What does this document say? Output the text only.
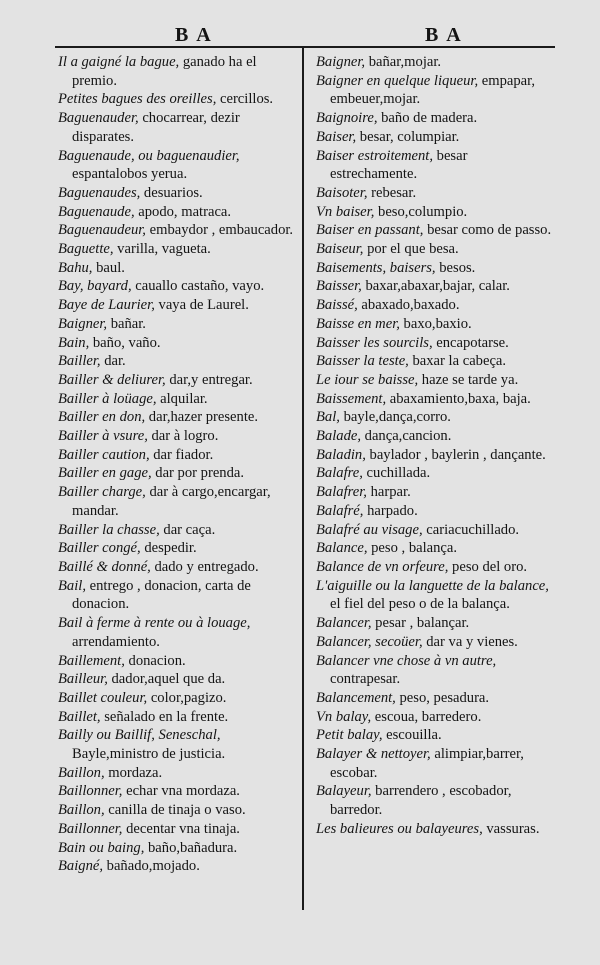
B A	B A

Il a gaigné la bague, ganado ha el premio.

Petites bagues des oreilles, cercillos.

Baguenauder, chocarrear, dezir disparates.

Baguenaude, ou baguenaudier, espantalobos yerua.

Baguenaudes, desuarios.

Baguenaude, apodo, matraca.

Baguenaudeur, embaydor , embaucador.

Baguette, varilla, vagueta.

Bahu, baul.

Bay, bayard, cauallo castaño, vayo.

Baye de Laurier, vaya de Laurel.

Baigner, bañar.

Bain, baño, vaño.

Bailler, dar.

Bailler & deliurer, dar,y entregar.

Bailler à loüage, alquilar.

Bailler en don, dar,hazer presente.

Bailler à vsure, dar à logro.

Bailler caution, dar fiador.

Bailler en gage, dar por prenda.

Bailler charge, dar à cargo,encargar, mandar.

Bailler la chasse, dar caça.

Bailler congé, despedir.

Baillé & donné, dado y entregado.

Bail, entrego , donacion, carta de donacion.

Bail à ferme à rente ou à louage, arrendamiento.

Baillement, donacion.

Bailleur, dador,aquel que da.

Baillet couleur, color,pagizo.

Baillet, señalado en la frente.

Bailly ou Baillif, Seneschal, Bayle,ministro de justicia.

Baillon, mordaza.

Baillonner, echar vna mordaza.

Baillon, canilla de tinaja o vaso.

Baillonner, decentar vna tinaja.

Bain ou baing, baño,bañadura.

Baigné, bañado,mojado.

Baigner, bañar,mojar.

Baigner en quelque liqueur, empapar, embeuer,mojar.

Baignoire, baño de madera.

Baiser, besar, columpiar.

Baiser estroitement, besar estrechamente.

Baisoter, rebesar.

Vn baiser, beso,columpio.

Baiser en passant, besar como de passo.

Baiseur, por el que besa.

Baisements, baisers, besos.

Baisser, baxar,abaxar,bajar, calar.

Baissé, abaxado,baxado.

Baisse en mer, baxo,baxio.

Baisser les sourcils, encapotarse.

Baisser la teste, baxar la cabeça.

Le iour se baisse, haze se tarde ya.

Baissement, abaxamiento,baxa, baja.

Bal, bayle,dança,corro.

Balade, dança,cancion.

Baladin, baylador , baylerin , dançante.

Balafre, cuchillada.

Balafrer, harpar.

Balafré, harpado.

Balafré au visage, cariacuchillado.

Balance, peso , balança.

Balance de vn orfeure, peso del oro.

L'aiguille ou la languette de la balance, el fiel del peso o de la balança.

Balancer, pesar , balançar.

Balancer, secoüer, dar va y vienes.

Balancer vne chose à vn autre, contrapesar.

Balancement, peso, pesadura.

Vn balay, escoua, barredero.

Petit balay, escouilla.

Balayer & nettoyer, alimpiar,barrer, escobar.

Balayeur, barrendero , escobador, barredor.

Les balieures ou balayeures, vassuras.
